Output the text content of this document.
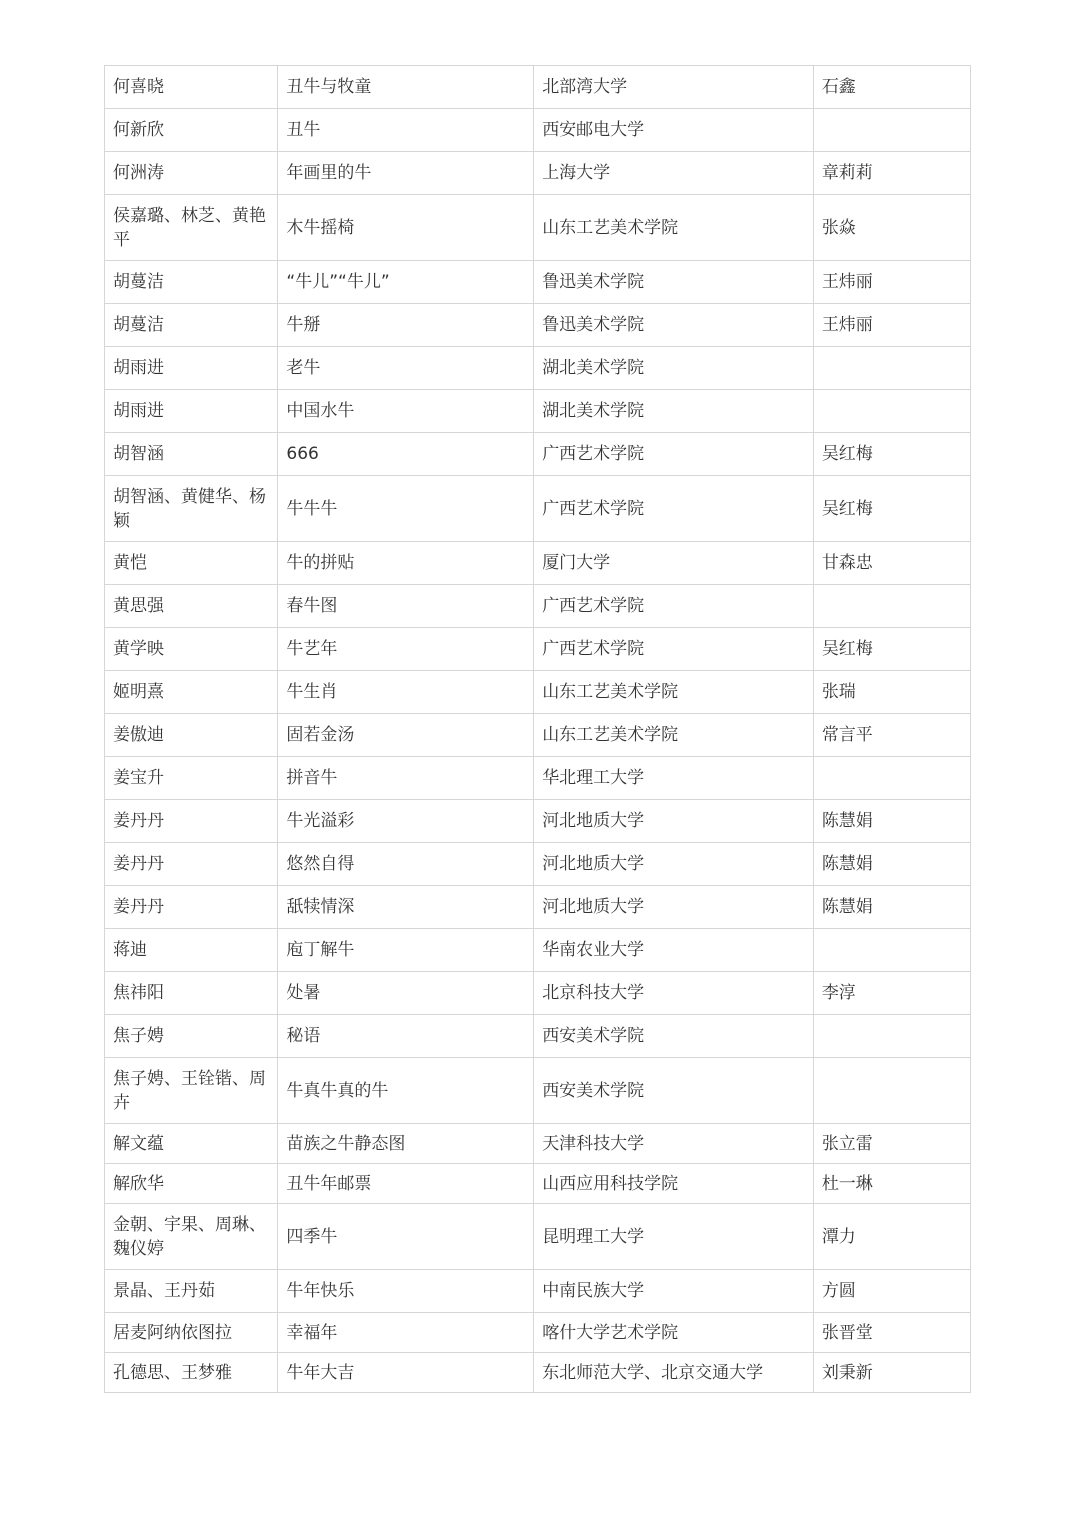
何喜晓	丑牛与牧童	北部湾大学	石鑫
何新欣	丑牛	西安邮电大学	
何洲涛	年画里的牛	上海大学	章莉莉
侯嘉璐、林芝、黄艳平	木牛摇椅	山东工艺美术学院	张焱
胡蔓洁	“牛儿”“牛儿”	鲁迅美术学院	王炜丽
胡蔓洁	牛掰	鲁迅美术学院	王炜丽
胡雨进	老牛	湖北美术学院	
胡雨进	中国水牛	湖北美术学院	
胡智涵	666	广西艺术学院	吴红梅
胡智涵、黄健华、杨颖	牛牛牛	广西艺术学院	吴红梅
黄恺	牛的拼贴	厦门大学	甘森忠
黄思强	春牛图	广西艺术学院	
黄学映	牛艺年	广西艺术学院	吴红梅
姬明熹	牛生肖	山东工艺美术学院	张瑞
姜傲迪	固若金汤	山东工艺美术学院	常言平
姜宝升	拼音牛	华北理工大学	
姜丹丹	牛光溢彩	河北地质大学	陈慧娟
姜丹丹	悠然自得	河北地质大学	陈慧娟
姜丹丹	舐犊情深	河北地质大学	陈慧娟
蒋迪	庖丁解牛	华南农业大学	
焦祎阳	处暑	北京科技大学	李淳
焦子娉	秘语	西安美术学院	
焦子娉、王铨锴、周卉	牛真牛真的牛	西安美术学院	
解文蕴	苗族之牛静态图	天津科技大学	张立雷
解欣华	丑牛年邮票	山西应用科技学院	杜一琳
金朝、宇果、周琳、魏仪婷	四季牛	昆明理工大学	潭力
景晶、王丹茹	牛年快乐	中南民族大学	方圆
居麦阿纳依图拉	幸福年	喀什大学艺术学院	张晋堂
孔德思、王梦雅	牛年大吉	东北师范大学、北京交通大学	刘秉新
